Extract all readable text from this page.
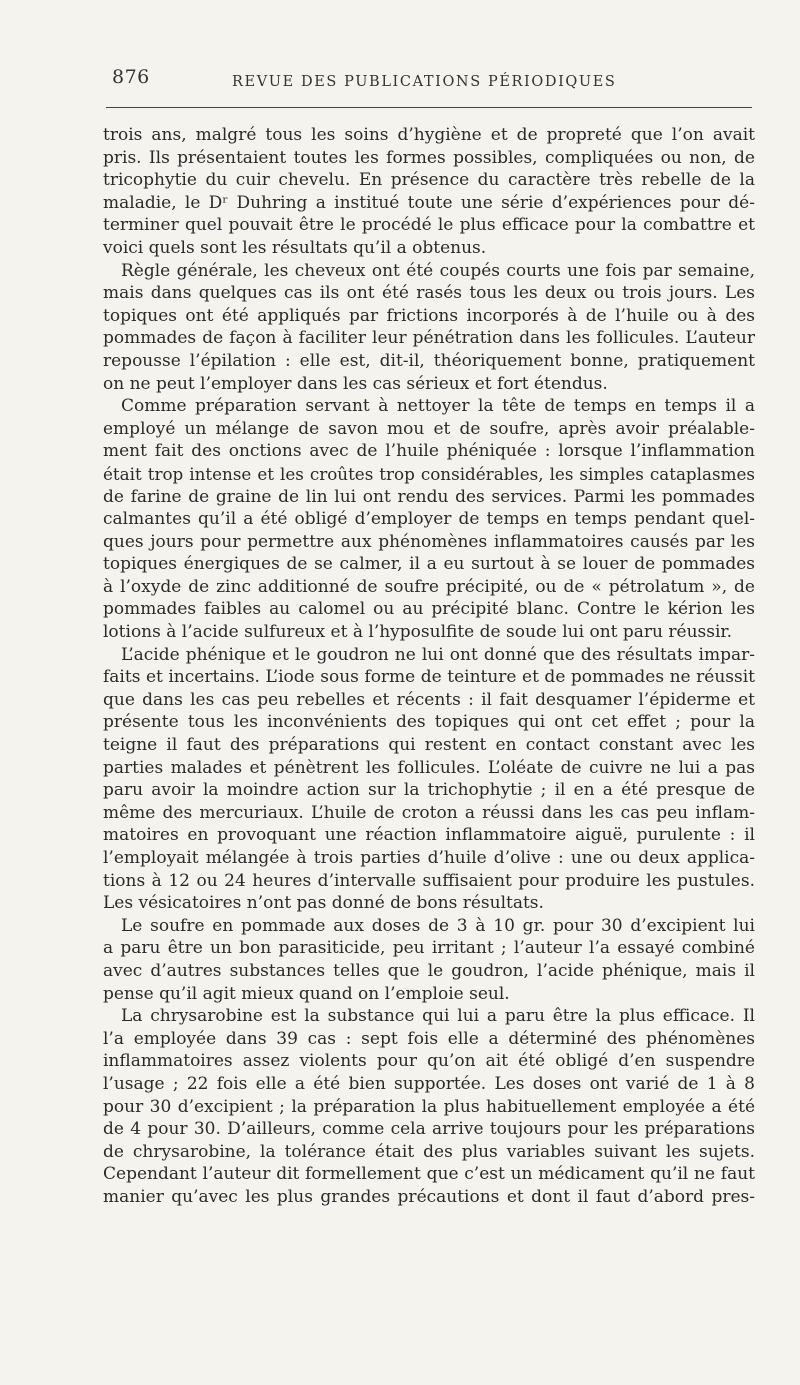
876	REVUE DES PUBLICATIONS PÉRIODIQUES
trois ans, malgré tous les soins d’hygiène et de propreté que l’on avait
pris. Ils présentaient toutes les formes possibles, compliquées ou non, de
tricophytie du cuir chevelu. En présence du caractère très rebelle de la
maladie, le Dʳ Duhring a institué toute une série d’expériences pour dé-
terminer quel pouvait être le procédé le plus efficace pour la combattre et
voici quels sont les résultats qu’il a obtenus.
Règle générale, les cheveux ont été coupés courts une fois par semaine,
mais dans quelques cas ils ont été rasés tous les deux ou trois jours. Les
topiques ont été appliqués par frictions incorporés à de l’huile ou à des
pommades de façon à faciliter leur pénétration dans les follicules. L’auteur
repousse l’épilation : elle est, dit-il, théoriquement bonne, pratiquement
on ne peut l’employer dans les cas sérieux et fort étendus.
Comme préparation servant à nettoyer la tête de temps en temps il a
employé un mélange de savon mou et de soufre, après avoir préalable-
ment fait des onctions avec de l’huile phéniquée : lorsque l’inflammation
était trop intense et les croûtes trop considérables, les simples cataplasmes
de farine de graine de lin lui ont rendu des services. Parmi les pommades
calmantes qu’il a été obligé d’employer de temps en temps pendant quel-
ques jours pour permettre aux phénomènes inflammatoires causés par les
topiques énergiques de se calmer, il a eu surtout à se louer de pommades
à l’oxyde de zinc additionné de soufre précipité, ou de « pétrolatum », de
pommades faibles au calomel ou au précipité blanc. Contre le kérion les
lotions à l’acide sulfureux et à l’hyposulfite de soude lui ont paru réussir.
L’acide phénique et le goudron ne lui ont donné que des résultats impar-
faits et incertains. L’iode sous forme de teinture et de pommades ne réussit
que dans les cas peu rebelles et récents : il fait desquamer l’épiderme et
présente tous les inconvénients des topiques qui ont cet effet ; pour la
teigne il faut des préparations qui restent en contact constant avec les
parties malades et pénètrent les follicules. L’oléate de cuivre ne lui a pas
paru avoir la moindre action sur la trichophytie ; il en a été presque de
même des mercuriaux. L’huile de croton a réussi dans les cas peu inflam-
matoires en provoquant une réaction inflammatoire aiguë, purulente : il
l’employait mélangée à trois parties d’huile d’olive : une ou deux applica-
tions à 12 ou 24 heures d’intervalle suffisaient pour produire les pustules.
Les vésicatoires n’ont pas donné de bons résultats.
Le soufre en pommade aux doses de 3 à 10 gr. pour 30 d’excipient lui
a paru être un bon parasiticide, peu irritant ; l’auteur l’a essayé combiné
avec d’autres substances telles que le goudron, l’acide phénique, mais il
pense qu’il agit mieux quand on l’emploie seul.
La chrysarobine est la substance qui lui a paru être la plus efficace. Il
l’a employée dans 39 cas : sept fois elle a déterminé des phénomènes
inflammatoires assez violents pour qu’on ait été obligé d’en suspendre
l’usage ; 22 fois elle a été bien supportée. Les doses ont varié de 1 à 8
pour 30 d’excipient ; la préparation la plus habituellement employée a été
de 4 pour 30. D’ailleurs, comme cela arrive toujours pour les préparations
de chrysarobine, la tolérance était des plus variables suivant les sujets.
Cependant l’auteur dit formellement que c’est un médicament qu’il ne faut
manier qu’avec les plus grandes précautions et dont il faut d’abord pres-
